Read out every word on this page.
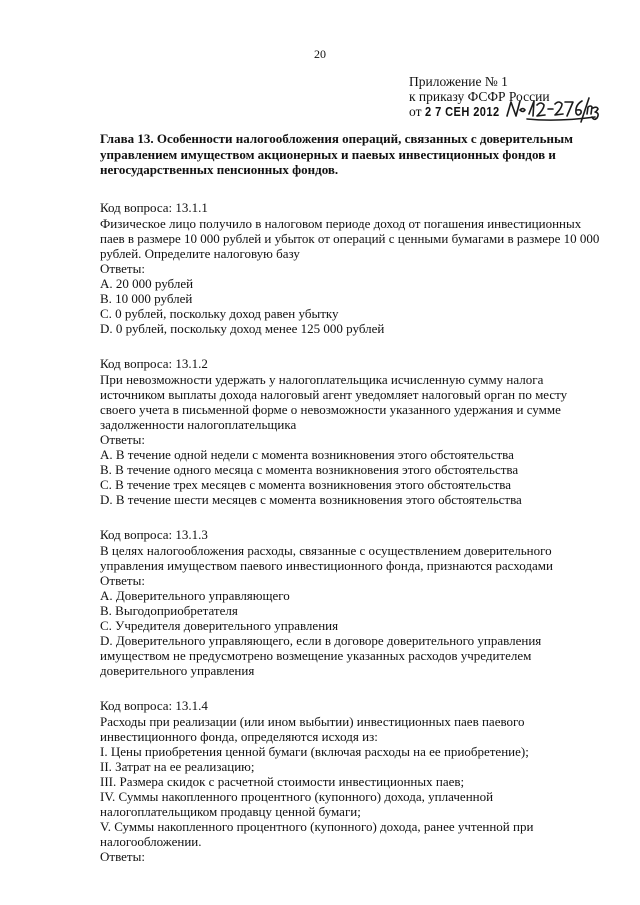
20
Приложение № 1
к приказу ФСФР России
от 2 7 СЕН 2012
Глава 13. Особенности налогообложения операций, связанных с доверительным управлением имуществом акционерных и паевых инвестиционных фондов и негосударственных пенсионных фондов.
Код вопроса: 13.1.1

Физическое лицо получило в налоговом периоде доход от погашения инвестиционных паев в размере 10 000 рублей и убыток от операций с ценными бумагами в размере 10 000 рублей. Определите налоговую базу

Ответы:

A. 20 000 рублей

B. 10 000 рублей

C. 0 рублей, поскольку доход равен убытку

D. 0 рублей, поскольку доход менее 125 000 рублей

Код вопроса: 13.1.2

При невозможности удержать у налогоплательщика исчисленную сумму налога источником выплаты дохода налоговый агент уведомляет налоговый орган по месту своего учета в письменной форме о невозможности указанного удержания и сумме задолженности налогоплательщика

Ответы:

A. В течение одной недели с момента возникновения этого обстоятельства

B. В течение одного месяца с момента возникновения этого обстоятельства

C. В течение трех месяцев с момента возникновения этого обстоятельства

D. В течение шести месяцев с момента возникновения этого обстоятельства

Код вопроса: 13.1.3

В целях налогообложения расходы, связанные с осуществлением доверительного управления имуществом паевого инвестиционного фонда, признаются расходами

Ответы:

A. Доверительного управляющего

B. Выгодоприобретателя

C. Учредителя доверительного управления

D. Доверительного управляющего, если в договоре доверительного управления имуществом не предусмотрено возмещение указанных расходов учредителем доверительного управления

Код вопроса: 13.1.4

Расходы при реализации (или ином выбытии) инвестиционных паев паевого инвестиционного фонда, определяются исходя из:

I. Цены приобретения ценной бумаги (включая расходы на ее приобретение);

II. Затрат на ее реализацию;

III. Размера скидок с расчетной стоимости инвестиционных паев;

IV. Суммы накопленного процентного (купонного) дохода, уплаченной налогоплательщиком продавцу ценной бумаги;

V. Суммы накопленного процентного (купонного) дохода, ранее учтенной при налогообложении.

Ответы:
